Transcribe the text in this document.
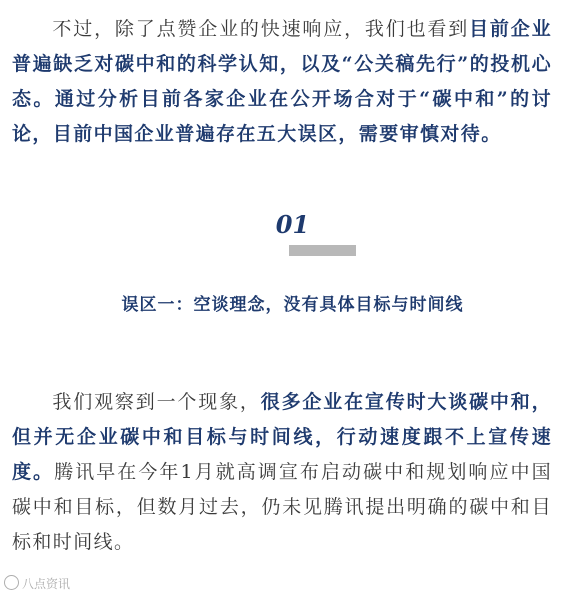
不过，除了点赞企业的快速响应，我们也看到目前企业普遍缺乏对碳中和的科学认知，以及“公关稿先行”的投机心态。通过分析目前各家企业在公开场合对于“碳中和”的讨论，目前中国企业普遍存在五大误区，需要审慎对待。
01
误区一：空谈理念，没有具体目标与时间线
我们观察到一个现象，很多企业在宣传时大谈碳中和，但并无企业碳中和目标与时间线，行动速度跟不上宣传速度。腾讯早在今年1月就高调宣布启动碳中和规划响应中国碳中和目标，但数月过去，仍未见腾讯提出明确的碳中和目标和时间线。
八点资讯
